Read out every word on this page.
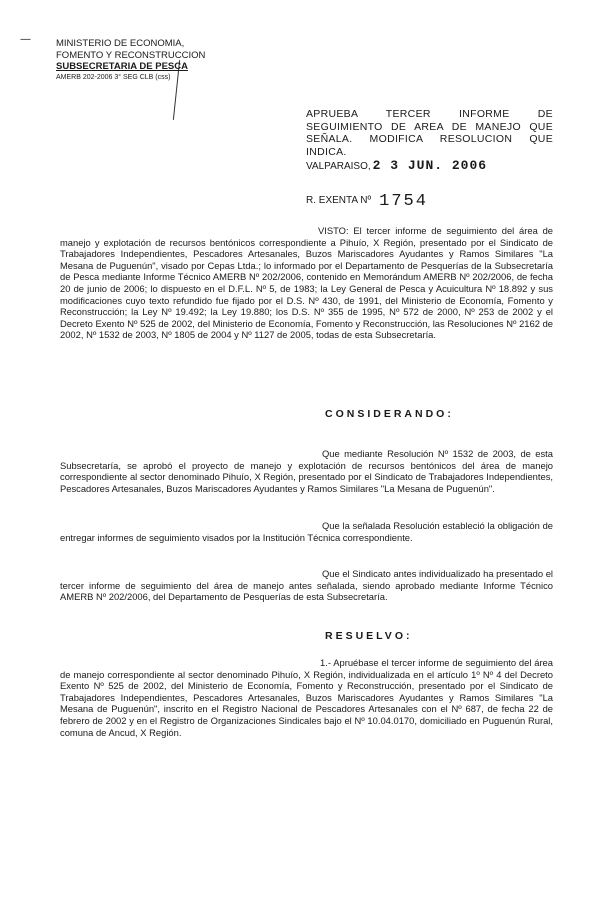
-----	MINISTERIO DE ECONOMIA,
FOMENTO Y RECONSTRUCCION
SUBSECRETARIA DE PESCA
AMERB 202-2006 3° SEG CLB (css)
APRUEBA TERCER INFORME DE SEGUIMIENTO DE AREA DE MANEJO QUE SEÑALA. MODIFICA RESOLUCION QUE INDICA.
VALPARAISO, 2 3 JUN. 2006
R. EXENTA Nº 1754
VISTO: El tercer informe de seguimiento del área de manejo y explotación de recursos bentónicos correspondiente a Pihuío, X Región, presentado por el Sindicato de Trabajadores Independientes, Pescadores Artesanales, Buzos Mariscadores Ayudantes y Ramos Similares "La Mesana de Puguenún", visado por Cepas Ltda.; lo informado por el Departamento de Pesquerías de la Subsecretaría de Pesca mediante Informe Técnico AMERB Nº 202/2006, contenido en Memorándum AMERB Nº 202/2006, de fecha 20 de junio de 2006; lo dispuesto en el D.F.L. Nº 5, de 1983; la Ley General de Pesca y Acuicultura Nº 18.892 y sus modificaciones cuyo texto refundido fue fijado por el D.S. Nº 430, de 1991, del Ministerio de Economía, Fomento y Reconstrucción; la Ley Nº 19.492; la Ley 19.880; los D.S. Nº 355 de 1995, Nº 572 de 2000, Nº 253 de 2002 y el Decreto Exento Nº 525 de 2002, del Ministerio de Economía, Fomento y Reconstrucción, las Resoluciones Nº 2162 de 2002, Nº 1532 de 2003, Nº 1805 de 2004 y Nº 1127 de 2005, todas de esta Subsecretaría.
CONSIDERANDO:
Que mediante Resolución Nº 1532 de 2003, de esta Subsecretaría, se aprobó el proyecto de manejo y explotación de recursos bentónicos del área de manejo correspondiente al sector denominado Pihuío, X Región, presentado por el Sindicato de Trabajadores Independientes, Pescadores Artesanales, Buzos Mariscadores Ayudantes y Ramos Similares "La Mesana de Puguenún".
Que la señalada Resolución estableció la obligación de entregar informes de seguimiento visados por la Institución Técnica correspondiente.
Que el Sindicato antes individualizado ha presentado el tercer informe de seguimiento del área de manejo antes señalada, siendo aprobado mediante Informe Técnico AMERB Nº 202/2006, del Departamento de Pesquerías de esta Subsecretaría.
RESUELVO:
1.- Apruébase el tercer informe de seguimiento del área de manejo correspondiente al sector denominado Pihuío, X Región, individualizada en el artículo 1º Nº 4 del Decreto Exento Nº 525 de 2002, del Ministerio de Economía, Fomento y Reconstrucción, presentado por el Sindicato de Trabajadores Independientes, Pescadores Artesanales, Buzos Mariscadores Ayudantes y Ramos Similares "La Mesana de Puguenún", inscrito en el Registro Nacional de Pescadores Artesanales con el Nº 687, de fecha 22 de febrero de 2002 y en el Registro de Organizaciones Sindicales bajo el Nº 10.04.0170, domiciliado en Puguenún Rural, comuna de Ancud, X Región.
